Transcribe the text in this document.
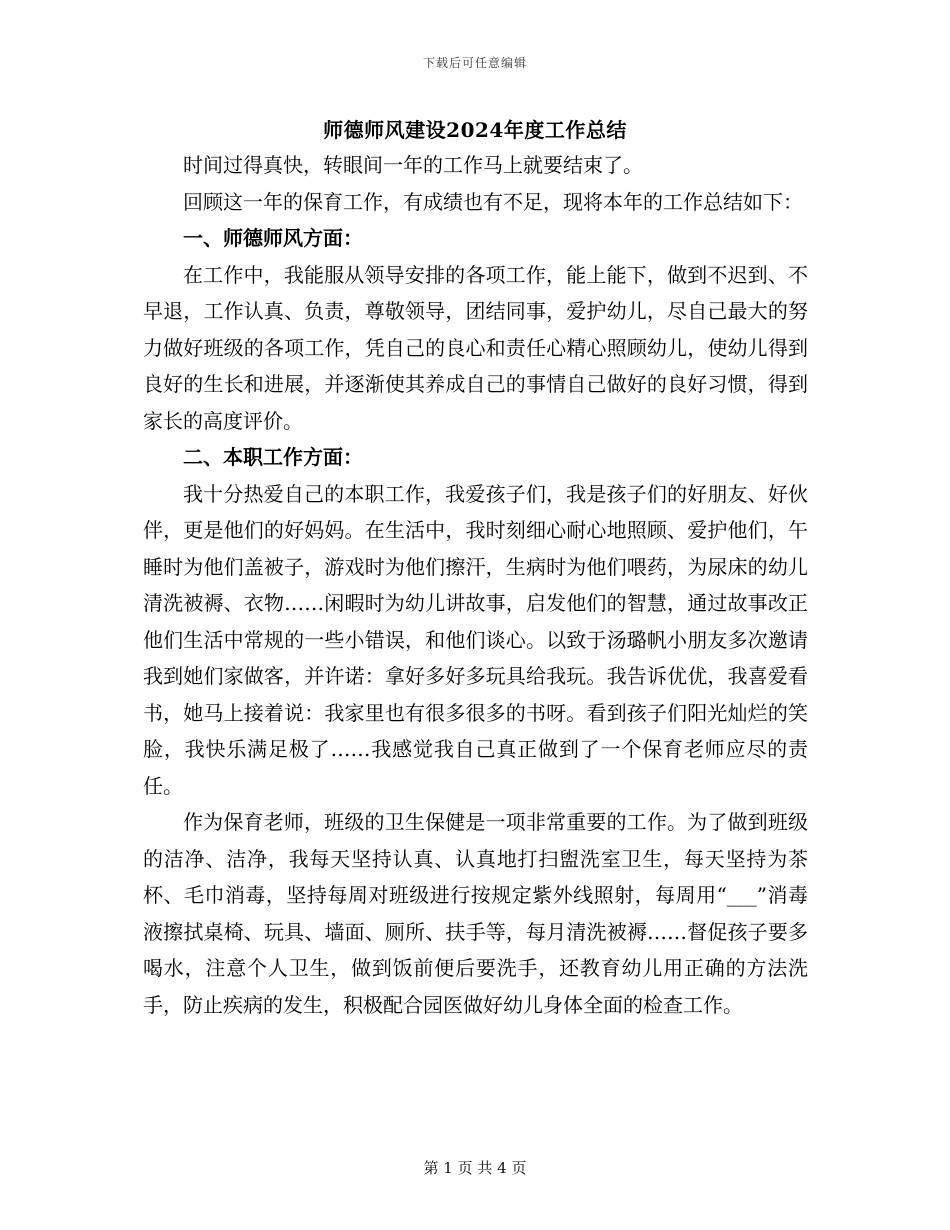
下载后可任意编辑
师德师风建设2024年度工作总结

时间过得真快，转眼间一年的工作马上就要结束了。

回顾这一年的保育工作，有成绩也有不足，现将本年的工作总结如下：

一、师德师风方面：

在工作中，我能服从领导安排的各项工作，能上能下，做到不迟到、不早退，工作认真、负责，尊敬领导，团结同事，爱护幼儿，尽自己最大的努力做好班级的各项工作，凭自己的良心和责任心精心照顾幼儿，使幼儿得到良好的生长和进展，并逐渐使其养成自己的事情自己做好的良好习惯，得到家长的高度评价。

二、本职工作方面：

我十分热爱自己的本职工作，我爱孩子们，我是孩子们的好朋友、好伙伴，更是他们的好妈妈。在生活中，我时刻细心耐心地照顾、爱护他们，午睡时为他们盖被子，游戏时为他们擦汗，生病时为他们喂药，为尿床的幼儿清洗被褥、衣物……闲暇时为幼儿讲故事，启发他们的智慧，通过故事改正他们生活中常规的一些小错误，和他们谈心。以致于汤璐帆小朋友多次邀请我到她们家做客，并许诺：拿好多好多玩具给我玩。我告诉优优，我喜爱看书，她马上接着说：我家里也有很多很多的书呀。看到孩子们阳光灿烂的笑脸，我快乐满足极了……我感觉我自己真正做到了一个保育老师应尽的责任。

作为保育老师，班级的卫生保健是一项非常重要的工作。为了做到班级的洁净、洁净，我每天坚持认真、认真地打扫盥洗室卫生，每天坚持为茶杯、毛巾消毒，坚持每周对班级进行按规定紫外线照射，每周用“___”消毒液擦拭桌椅、玩具、墙面、厕所、扶手等，每月清洗被褥……督促孩子要多喝水，注意个人卫生，做到饭前便后要洗手，还教育幼儿用正确的方法洗手，防止疾病的发生，积极配合园医做好幼儿身体全面的检查工作。

第 1 页 共 4 页
